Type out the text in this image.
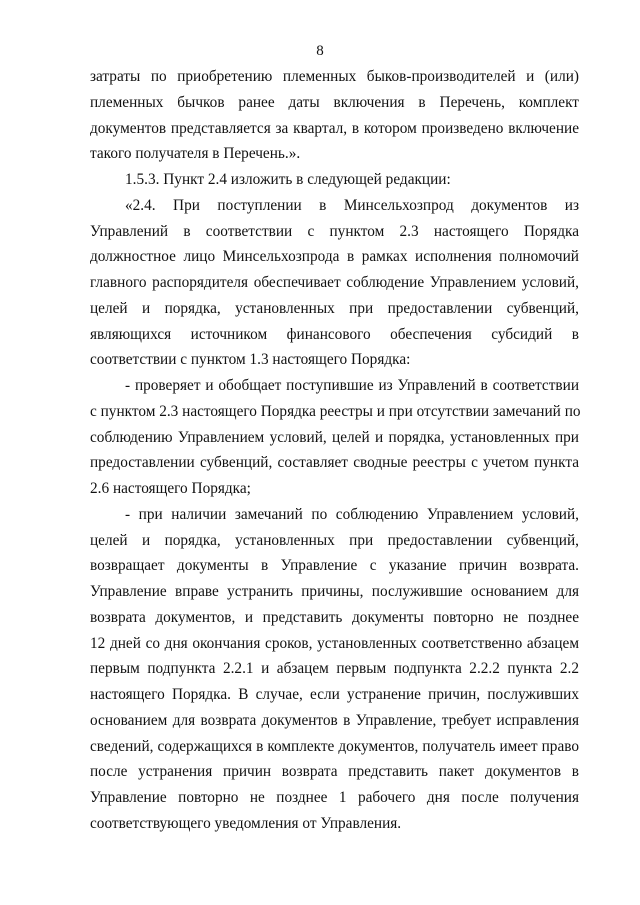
8
затраты по приобретению племенных быков-производителей и (или)
племенных бычков ранее даты включения в Перечень, комплект
документов представляется за квартал, в котором произведено включение
такого получателя в Перечень.».
1.5.3. Пункт 2.4 изложить в следующей редакции:
«2.4. При поступлении в Минсельхозпрод документов из
Управлений в соответствии с пунктом 2.3 настоящего Порядка
должностное лицо Минсельхозпрода в рамках исполнения полномочий
главного распорядителя обеспечивает соблюдение Управлением условий,
целей и порядка, установленных при предоставлении субвенций,
являющихся источником финансового обеспечения субсидий в
соответствии с пунктом 1.3 настоящего Порядка:
- проверяет и обобщает поступившие из Управлений в соответствии
с пунктом 2.3 настоящего Порядка реестры и при отсутствии замечаний по
соблюдению Управлением условий, целей и порядка, установленных при
предоставлении субвенций, составляет сводные реестры с учетом пункта
2.6 настоящего Порядка;
- при наличии замечаний по соблюдению Управлением условий,
целей и порядка, установленных при предоставлении субвенций,
возвращает документы в Управление с указание причин возврата.
Управление вправе устранить причины, послужившие основанием для
возврата документов, и представить документы повторно не позднее
12 дней со дня окончания сроков, установленных соответственно абзацем
первым подпункта 2.2.1 и абзацем первым подпункта 2.2.2 пункта 2.2
настоящего Порядка. В случае, если устранение причин, послуживших
основанием для возврата документов в Управление, требует исправления
сведений, содержащихся в комплекте документов, получатель имеет право
после устранения причин возврата представить пакет документов в
Управление повторно не позднее 1 рабочего дня после получения
соответствующего уведомления от Управления.
